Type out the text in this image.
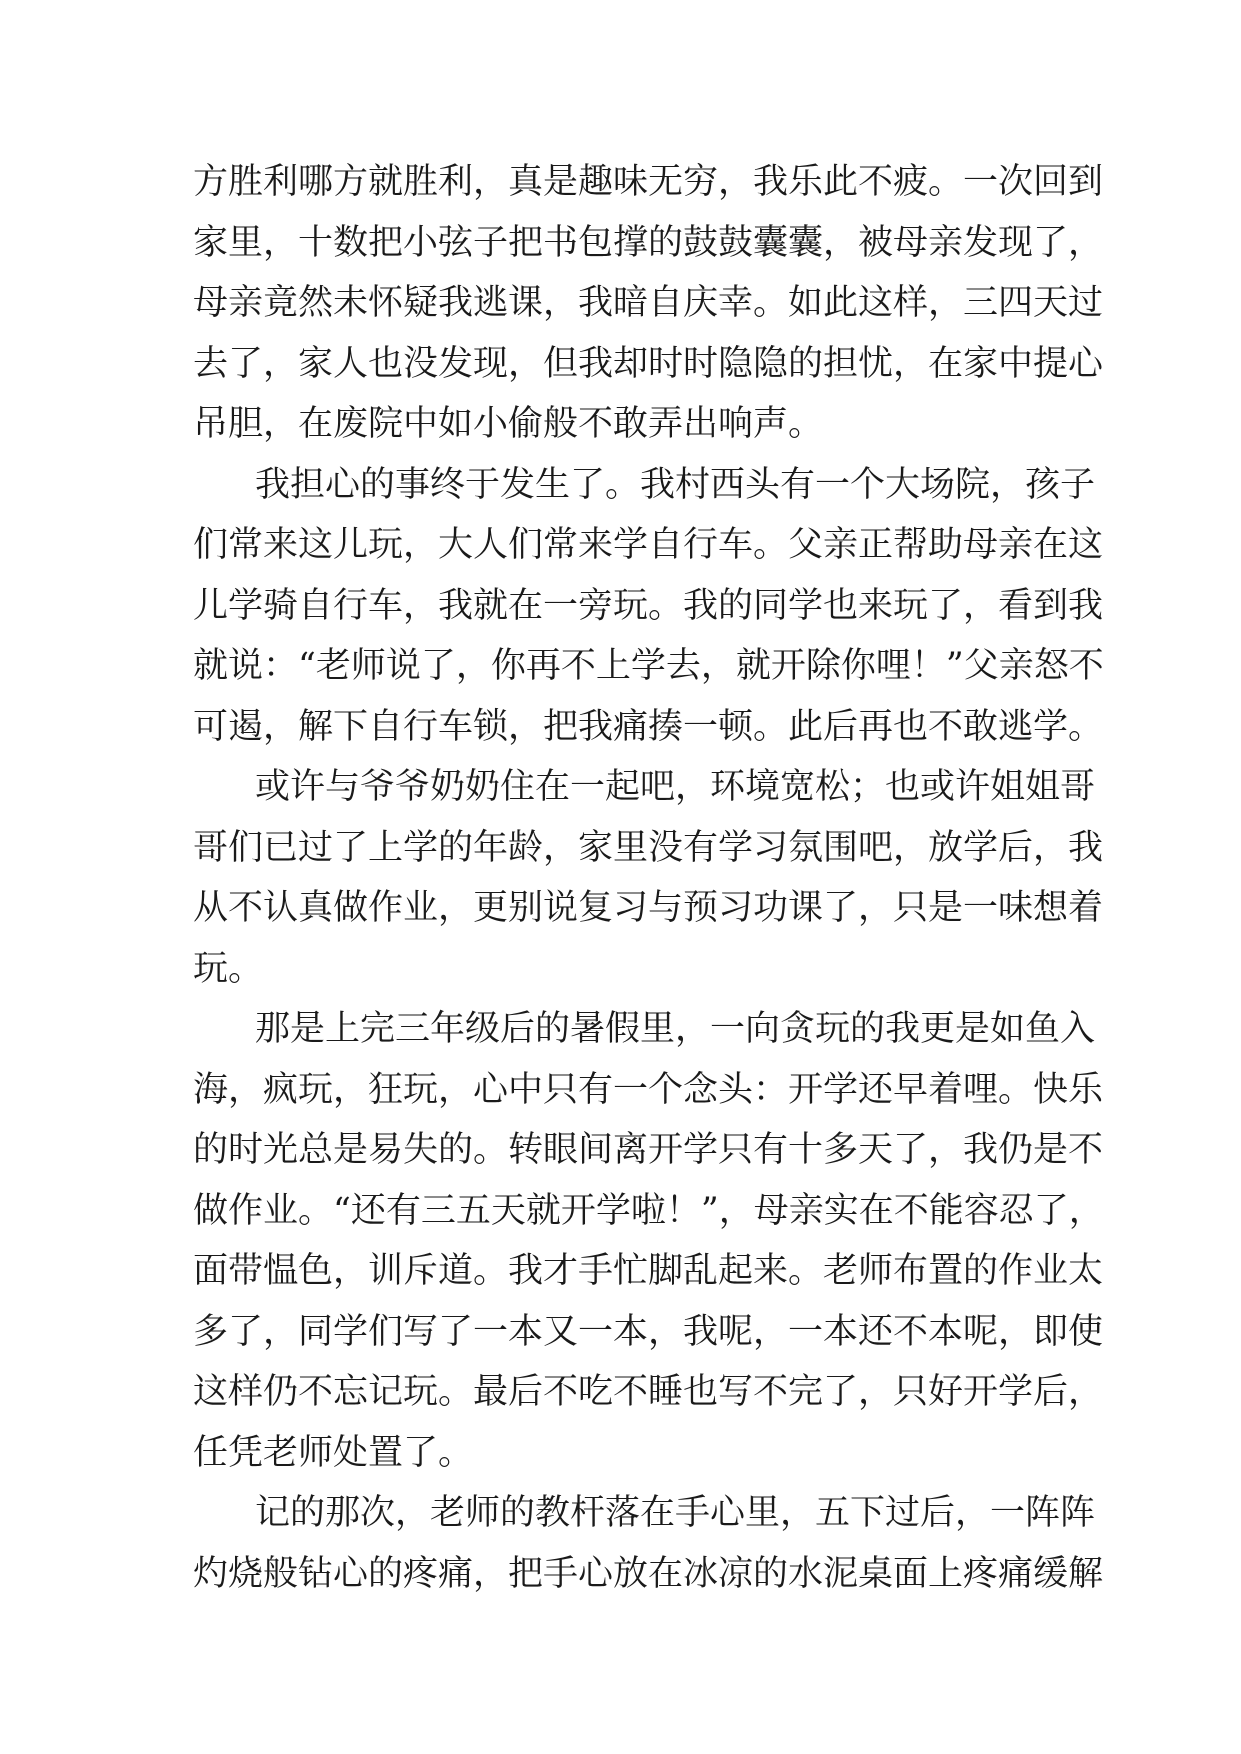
方胜利哪方就胜利，真是趣味无穷，我乐此不疲。一次回到
家里，十数把小弦子把书包撑的鼓鼓囊囊，被母亲发现了，
母亲竟然未怀疑我逃课，我暗自庆幸。如此这样，三四天过
去了，家人也没发现，但我却时时隐隐的担忧，在家中提心
吊胆，在废院中如小偷般不敢弄出响声。
我担心的事终于发生了。我村西头有一个大场院，孩子
们常来这儿玩，大人们常来学自行车。父亲正帮助母亲在这
儿学骑自行车，我就在一旁玩。我的同学也来玩了，看到我
就说：“老师说了，你再不上学去，就开除你哩！”父亲怒不
可遏，解下自行车锁，把我痛揍一顿。此后再也不敢逃学。
或许与爷爷奶奶住在一起吧，环境宽松；也或许姐姐哥
哥们已过了上学的年龄，家里没有学习氛围吧，放学后，我
从不认真做作业，更别说复习与预习功课了，只是一味想着
玩。
那是上完三年级后的暑假里，一向贪玩的我更是如鱼入
海，疯玩，狂玩，心中只有一个念头：开学还早着哩。快乐
的时光总是易失的。转眼间离开学只有十多天了，我仍是不
做作业。“还有三五天就开学啦！”，母亲实在不能容忍了，
面带愠色，训斥道。我才手忙脚乱起来。老师布置的作业太
多了，同学们写了一本又一本，我呢，一本还不本呢，即使
这样仍不忘记玩。最后不吃不睡也写不完了，只好开学后，
任凭老师处置了。
记的那次，老师的教杆落在手心里，五下过后，一阵阵
灼烧般钻心的疼痛，把手心放在冰凉的水泥桌面上疼痛缓解
